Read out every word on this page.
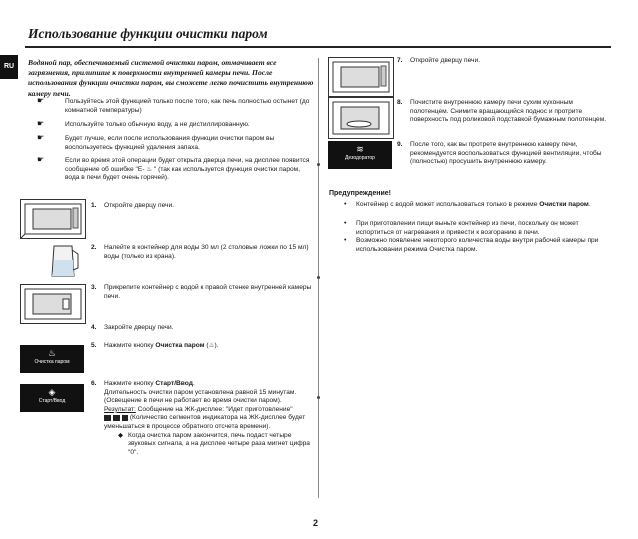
Использование функции очистки паром
RU	Водяной пар, обеспечиваемый системой очистки паром, отмачивает все загрязнения, прилипшие к поверхности внутренней камеры печи. После использования функции очистки паром, вы сможете легко почистить внутреннюю камеру печи.
☛	Пользуйтесь этой функцией только после того, как печь полностью остынет (до комнатной температуры)
☛	Используйте только обычную воду, а не дистиллированную.
☛	Будет лучше, если после использования функции очистки паром вы воспользуетесь функцией удаления запаха.
☛	Если во время этой операции будет открыта дверца печи, на дисплее появится сообщение об ошибке "E- ♨ " (так как используется функция очистки паром, вода в печи будет очень горячей).
♨
Очистка паром
◈
Старт/Ввод
1. Откройте дверцу печи.
2.	Налейте в контейнер для воды 30 мл (2 столовые ложки по 15 мл) воды (только из крана).
3.	Прикрепите контейнер с водой к правой стенке внутренней камеры печи.
4. Закройте дверцу печи.
5. Нажмите кнопку Очистка паром (♨).
6.	Нажмите кнопку Старт/Ввод.
Длительность очистки паром установлена равной 15 минутам.(Освещение в печи не работает во время очистки паром).
Результат: Сообщение на ЖК-дисплее: "Идет приготовление"  (Количество сегментов индикатора на ЖК-дисплее будет уменьшаться в процессе обратного отсчета времени).
◆ Когда очистка паром закончится, печь подаст четыре звуковых сигнала, а на дисплее четыре раза мигнет цифра "0".
≋
Дезодоратор
7. Откройте дверцу печи.
8.	Почистите внутреннюю камеру печи сухим кухонным полотенцем. Снимите вращающийся поднос и протрите поверхность под роликовой подставкой бумажным полотенцем.
9.	После того, как вы протрете внутреннюю камеру печи, рекомендуется воспользоваться функцией вентиляции, чтобы (полностью) просушить внутреннюю камеру.
Предупреждение!
• Контейнер с водой может использоваться только в режиме Очистки паром.
• При приготовлении пищи выньте контейнер из печи, поскольку он может испортиться от нагревания и привести к возгоранию в печи.
• Возможно появление некоторого количества воды внутри рабочей камеры при использовании режима Очистка паром.
2
